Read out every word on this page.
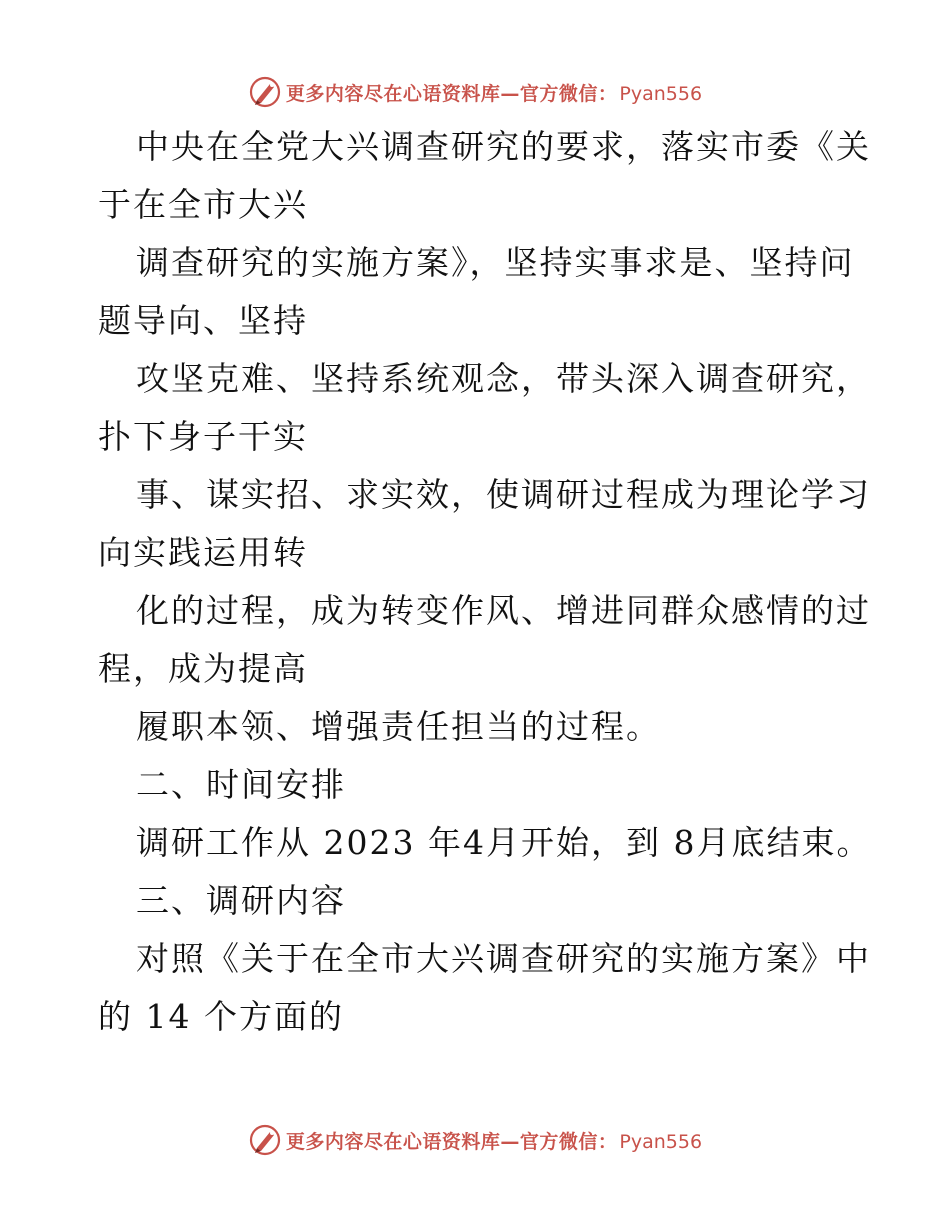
更多内容尽在心语资料库—官方微信： Pyan556
中央在全党大兴调查研究的要求，落实市委《关
于在全市大兴
调查研究的实施方案》，坚持实事求是、坚持问
题导向、坚持
攻坚克难、坚持系统观念，带头深入调查研究，
扑下身子干实
事、谋实招、求实效，使调研过程成为理论学习
向实践运用转
化的过程，成为转变作风、增进同群众感情的过
程，成为提高
履职本领、增强责任担当的过程。
二、时间安排
调研工作从 2023 年4月开始，到 8月底结束。
三、调研内容
对照《关于在全市大兴调查研究的实施方案》中
的 14 个方面的
更多内容尽在心语资料库—官方微信： Pyan556
